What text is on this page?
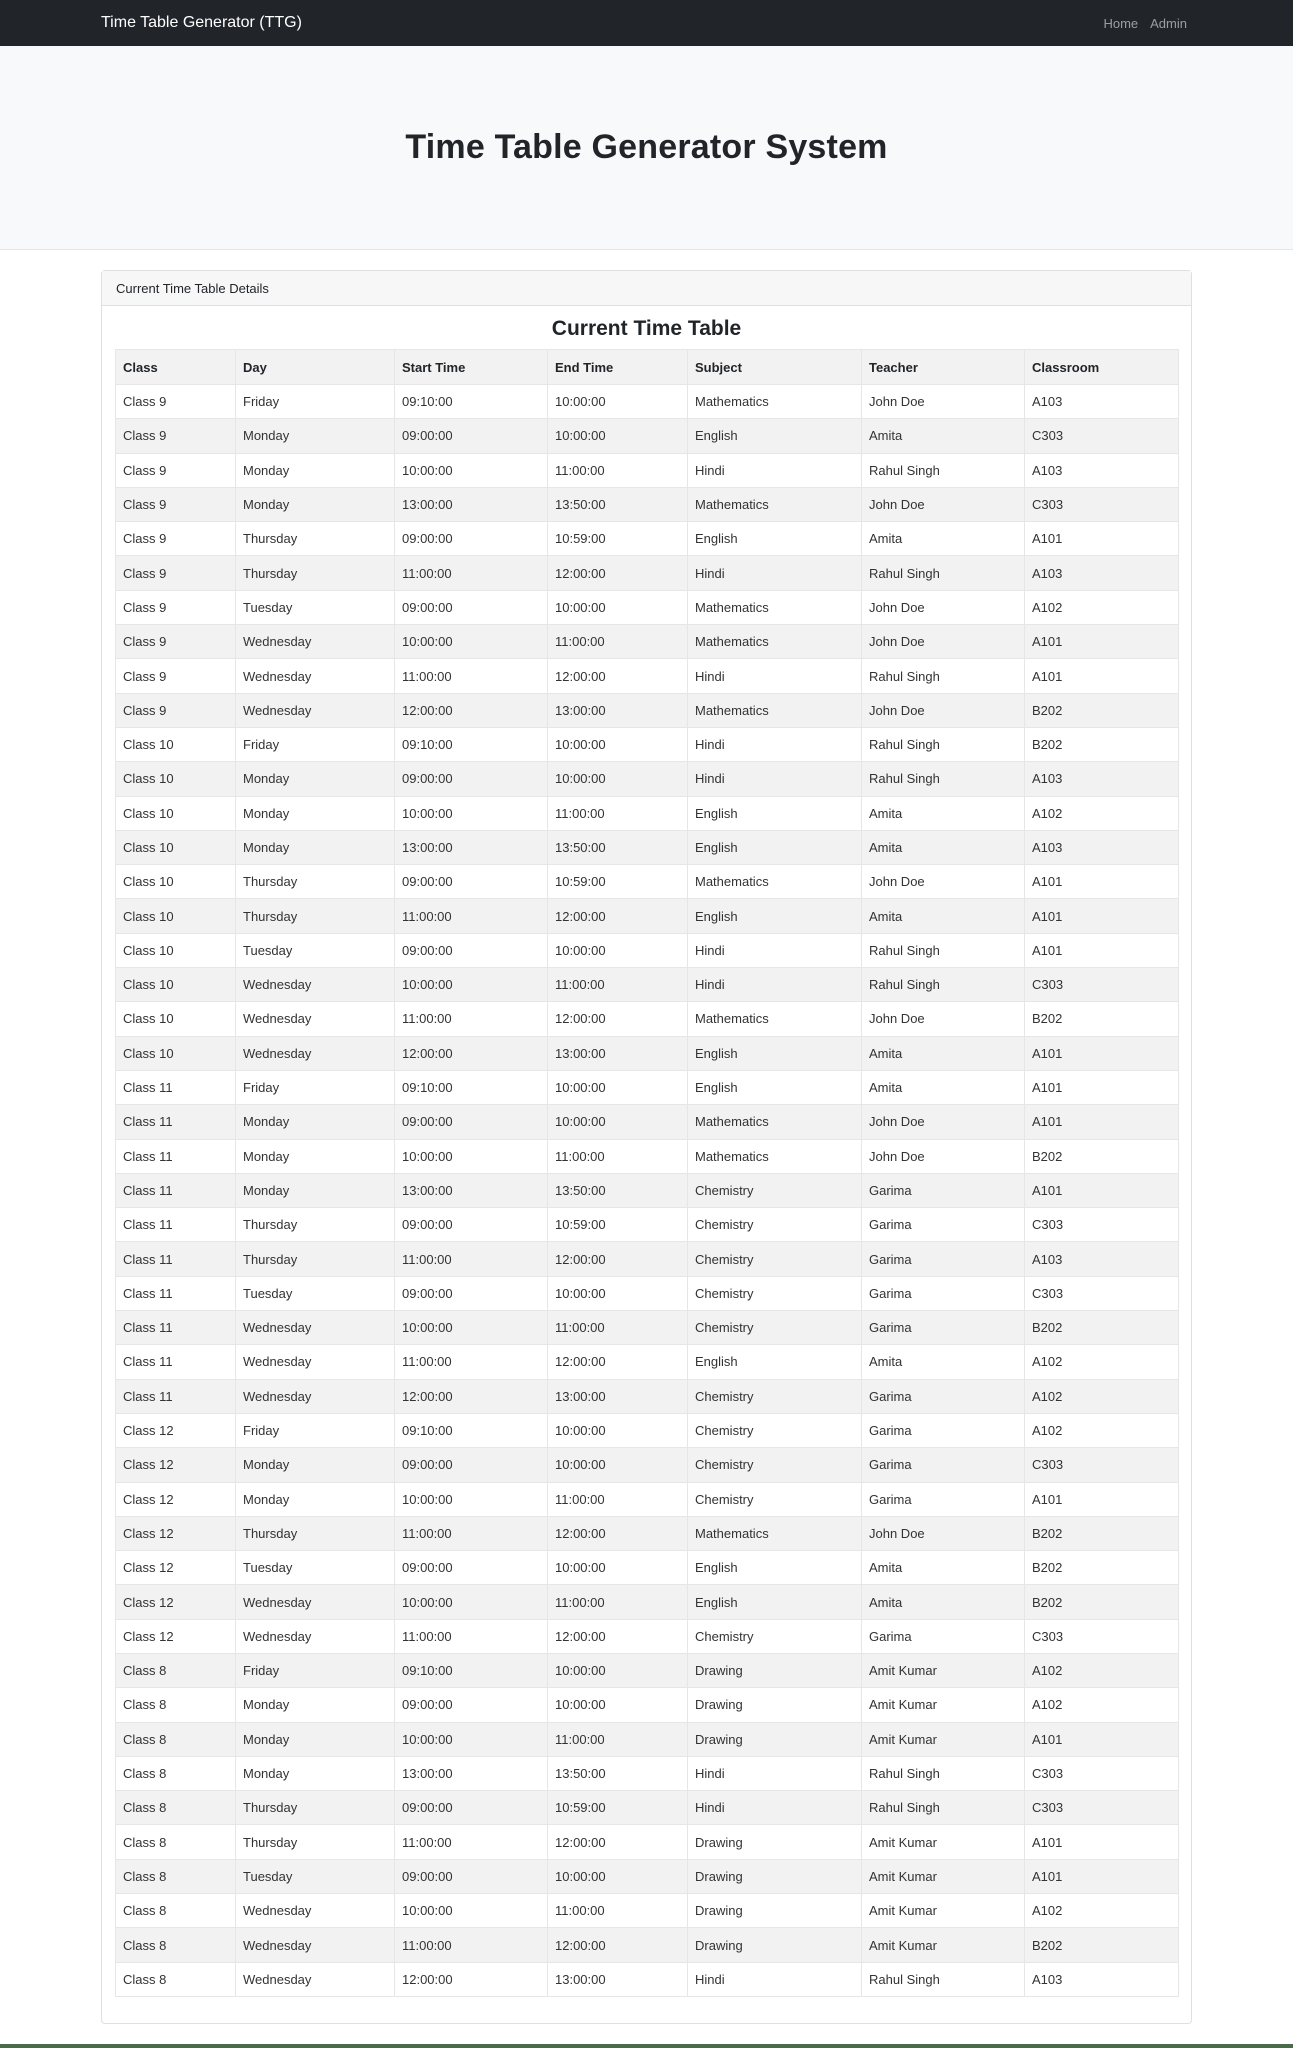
Time Table Generator (TTG)	Home Admin
Time Table Generator System
Current Time Table Details
Current Time Table
Class	Day	Start Time	End Time	Subject	Teacher	Classroom
Class 9	Friday	09:10:00	10:00:00	Mathematics	John Doe	A103
Class 9	Monday	09:00:00	10:00:00	English	Amita	C303
Class 9	Monday	10:00:00	11:00:00	Hindi	Rahul Singh	A103
Class 9	Monday	13:00:00	13:50:00	Mathematics	John Doe	C303
Class 9	Thursday	09:00:00	10:59:00	English	Amita	A101
Class 9	Thursday	11:00:00	12:00:00	Hindi	Rahul Singh	A103
Class 9	Tuesday	09:00:00	10:00:00	Mathematics	John Doe	A102
Class 9	Wednesday	10:00:00	11:00:00	Mathematics	John Doe	A101
Class 9	Wednesday	11:00:00	12:00:00	Hindi	Rahul Singh	A101
Class 9	Wednesday	12:00:00	13:00:00	Mathematics	John Doe	B202
Class 10	Friday	09:10:00	10:00:00	Hindi	Rahul Singh	B202
Class 10	Monday	09:00:00	10:00:00	Hindi	Rahul Singh	A103
Class 10	Monday	10:00:00	11:00:00	English	Amita	A102
Class 10	Monday	13:00:00	13:50:00	English	Amita	A103
Class 10	Thursday	09:00:00	10:59:00	Mathematics	John Doe	A101
Class 10	Thursday	11:00:00	12:00:00	English	Amita	A101
Class 10	Tuesday	09:00:00	10:00:00	Hindi	Rahul Singh	A101
Class 10	Wednesday	10:00:00	11:00:00	Hindi	Rahul Singh	C303
Class 10	Wednesday	11:00:00	12:00:00	Mathematics	John Doe	B202
Class 10	Wednesday	12:00:00	13:00:00	English	Amita	A101
Class 11	Friday	09:10:00	10:00:00	English	Amita	A101
Class 11	Monday	09:00:00	10:00:00	Mathematics	John Doe	A101
Class 11	Monday	10:00:00	11:00:00	Mathematics	John Doe	B202
Class 11	Monday	13:00:00	13:50:00	Chemistry	Garima	A101
Class 11	Thursday	09:00:00	10:59:00	Chemistry	Garima	C303
Class 11	Thursday	11:00:00	12:00:00	Chemistry	Garima	A103
Class 11	Tuesday	09:00:00	10:00:00	Chemistry	Garima	C303
Class 11	Wednesday	10:00:00	11:00:00	Chemistry	Garima	B202
Class 11	Wednesday	11:00:00	12:00:00	English	Amita	A102
Class 11	Wednesday	12:00:00	13:00:00	Chemistry	Garima	A102
Class 12	Friday	09:10:00	10:00:00	Chemistry	Garima	A102
Class 12	Monday	09:00:00	10:00:00	Chemistry	Garima	C303
Class 12	Monday	10:00:00	11:00:00	Chemistry	Garima	A101
Class 12	Thursday	11:00:00	12:00:00	Mathematics	John Doe	B202
Class 12	Tuesday	09:00:00	10:00:00	English	Amita	B202
Class 12	Wednesday	10:00:00	11:00:00	English	Amita	B202
Class 12	Wednesday	11:00:00	12:00:00	Chemistry	Garima	C303
Class 8	Friday	09:10:00	10:00:00	Drawing	Amit Kumar	A102
Class 8	Monday	09:00:00	10:00:00	Drawing	Amit Kumar	A102
Class 8	Monday	10:00:00	11:00:00	Drawing	Amit Kumar	A101
Class 8	Monday	13:00:00	13:50:00	Hindi	Rahul Singh	C303
Class 8	Thursday	09:00:00	10:59:00	Hindi	Rahul Singh	C303
Class 8	Thursday	11:00:00	12:00:00	Drawing	Amit Kumar	A101
Class 8	Tuesday	09:00:00	10:00:00	Drawing	Amit Kumar	A101
Class 8	Wednesday	10:00:00	11:00:00	Drawing	Amit Kumar	A102
Class 8	Wednesday	11:00:00	12:00:00	Drawing	Amit Kumar	B202
Class 8	Wednesday	12:00:00	13:00:00	Hindi	Rahul Singh	A103
